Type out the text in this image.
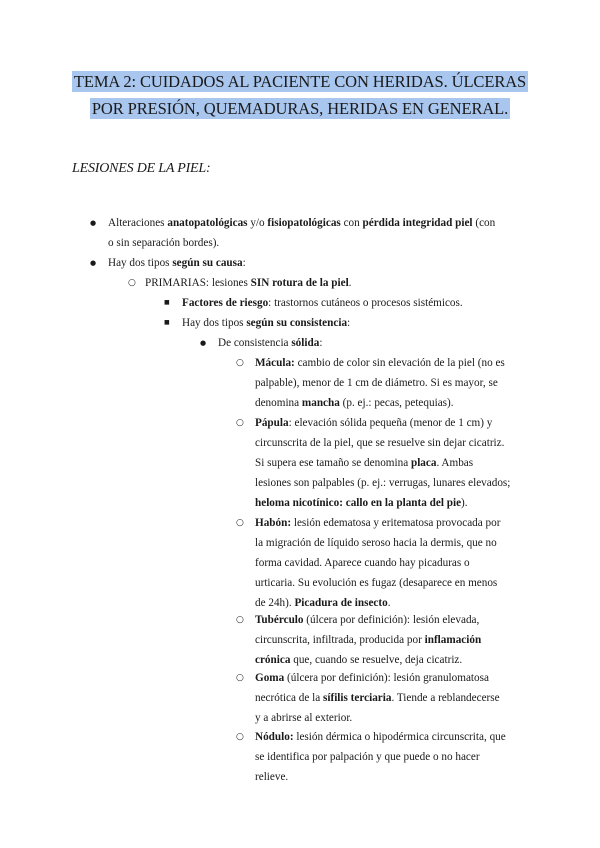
TEMA 2: CUIDADOS AL PACIENTE CON HERIDAS. ÚLCERAS
POR PRESIÓN, QUEMADURAS, HERIDAS EN GENERAL.
LESIONES DE LA PIEL:
● Alteraciones anatopatológicas y/o fisiopatológicas con pérdida integridad piel (con
o sin separación bordes).
● Hay dos tipos según su causa:
○ PRIMARIAS: lesiones SIN rotura de la piel.
■ Factores de riesgo: trastornos cutáneos o procesos sistémicos.
■ Hay dos tipos según su consistencia:
● De consistencia sólida:
○ Mácula: cambio de color sin elevación de la piel (no es
palpable), menor de 1 cm de diámetro. Si es mayor, se
denomina mancha (p. ej.: pecas, petequias).
○ Pápula: elevación sólida pequeña (menor de 1 cm) y
circunscrita de la piel, que se resuelve sin dejar cicatriz.
Si supera ese tamaño se denomina placa. Ambas
lesiones son palpables (p. ej.: verrugas, lunares elevados;
heloma nicotínico: callo en la planta del pie).
○ Habón: lesión edematosa y eritematosa provocada por
la migración de líquido seroso hacia la dermis, que no
forma cavidad. Aparece cuando hay picaduras o
urticaria. Su evolución es fugaz (desaparece en menos
de 24h). Picadura de insecto.
○ Tubérculo (úlcera por definición): lesión elevada,
circunscrita, infiltrada, producida por inflamación
crónica que, cuando se resuelve, deja cicatriz.
○ Goma (úlcera por definición): lesión granulomatosa
necrótica de la sífilis terciaria. Tiende a reblandecerse
y a abrirse al exterior.
○ Nódulo: lesión dérmica o hipodérmica circunscrita, que
se identifica por palpación y que puede o no hacer
relieve.
